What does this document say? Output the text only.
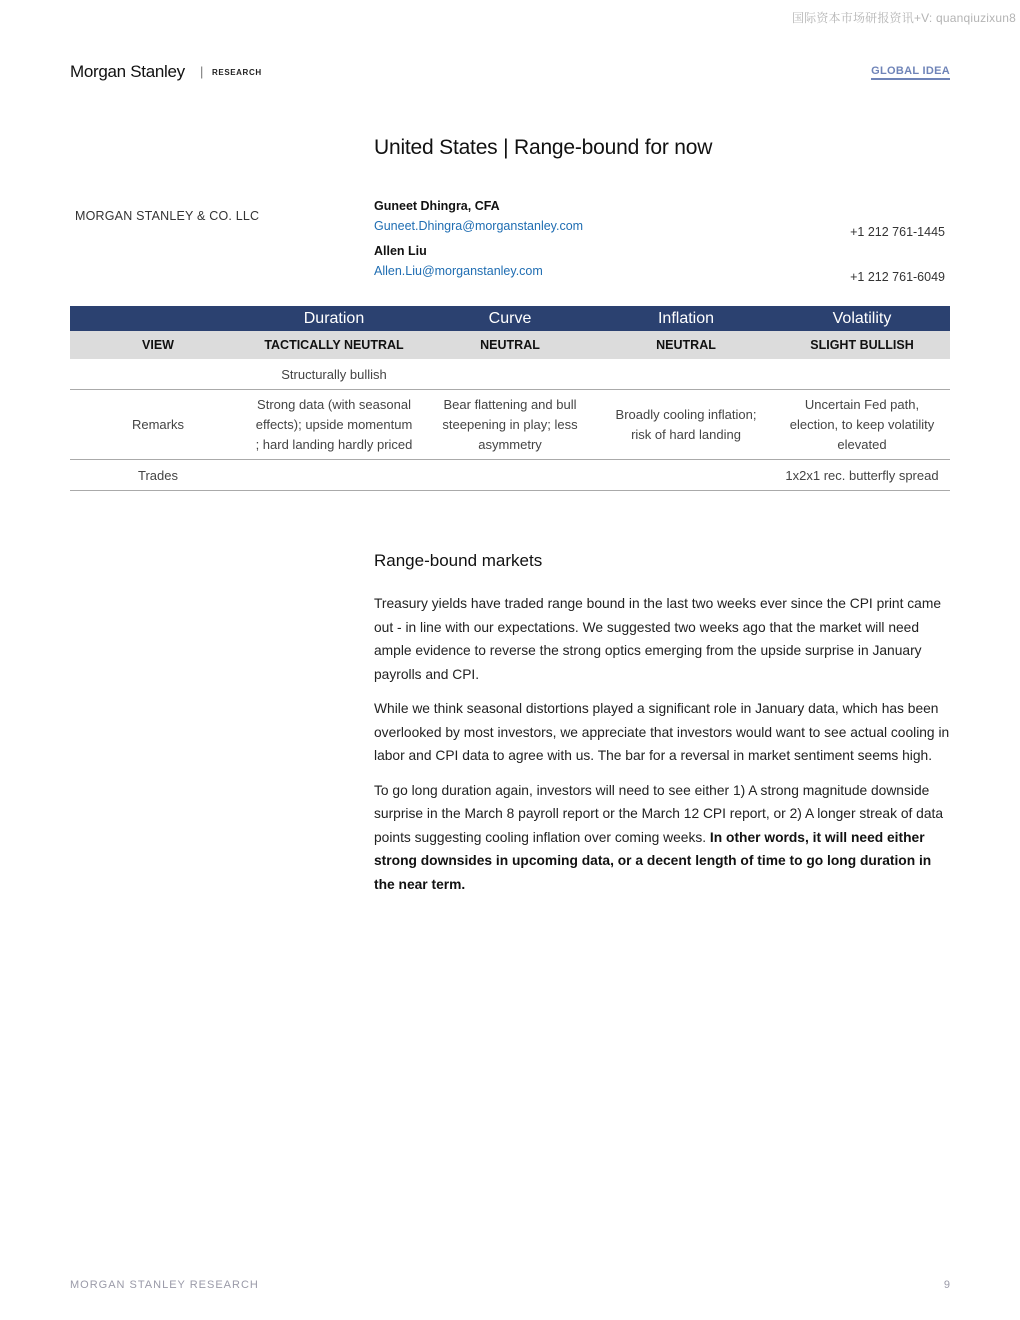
国际资本市场研报资讯+V: quanqiuzixun8
Morgan Stanley | RESEARCH	GLOBAL IDEA
United States | Range-bound for now
MORGAN STANLEY & CO. LLC
Guneet Dhingra, CFA
Guneet.Dhingra@morganstanley.com	+1 212 761-1445
Allen Liu
Allen.Liu@morganstanley.com	+1 212 761-6049
	Duration	Curve	Inflation	Volatility
VIEW	TACTICALLY NEUTRAL	NEUTRAL	NEUTRAL	SLIGHT BULLISH
	Structurally bullish			
Remarks	Strong data (with seasonal effects); upside momentum ; hard landing hardly priced	Bear flattening and bull steepening in play; less asymmetry	Broadly cooling inflation; risk of hard landing	Uncertain Fed path, election, to keep volatility elevated
Trades				1x2x1 rec. butterfly spread
Range-bound markets

Treasury yields have traded range bound in the last two weeks ever since the CPI print came out - in line with our expectations. We suggested two weeks ago that the market will need ample evidence to reverse the strong optics emerging from the upside surprise in January payrolls and CPI.

While we think seasonal distortions played a significant role in January data, which has been overlooked by most investors, we appreciate that investors would want to see actual cooling in labor and CPI data to agree with us. The bar for a reversal in market sentiment seems high.

To go long duration again, investors will need to see either 1) A strong magnitude downside surprise in the March 8 payroll report or the March 12 CPI report, or 2) A longer streak of data points suggesting cooling inflation over coming weeks. In other words, it will need either strong downsides in upcoming data, or a decent length of time to go long duration in the near term.

MORGAN STANLEY RESEARCH	9
